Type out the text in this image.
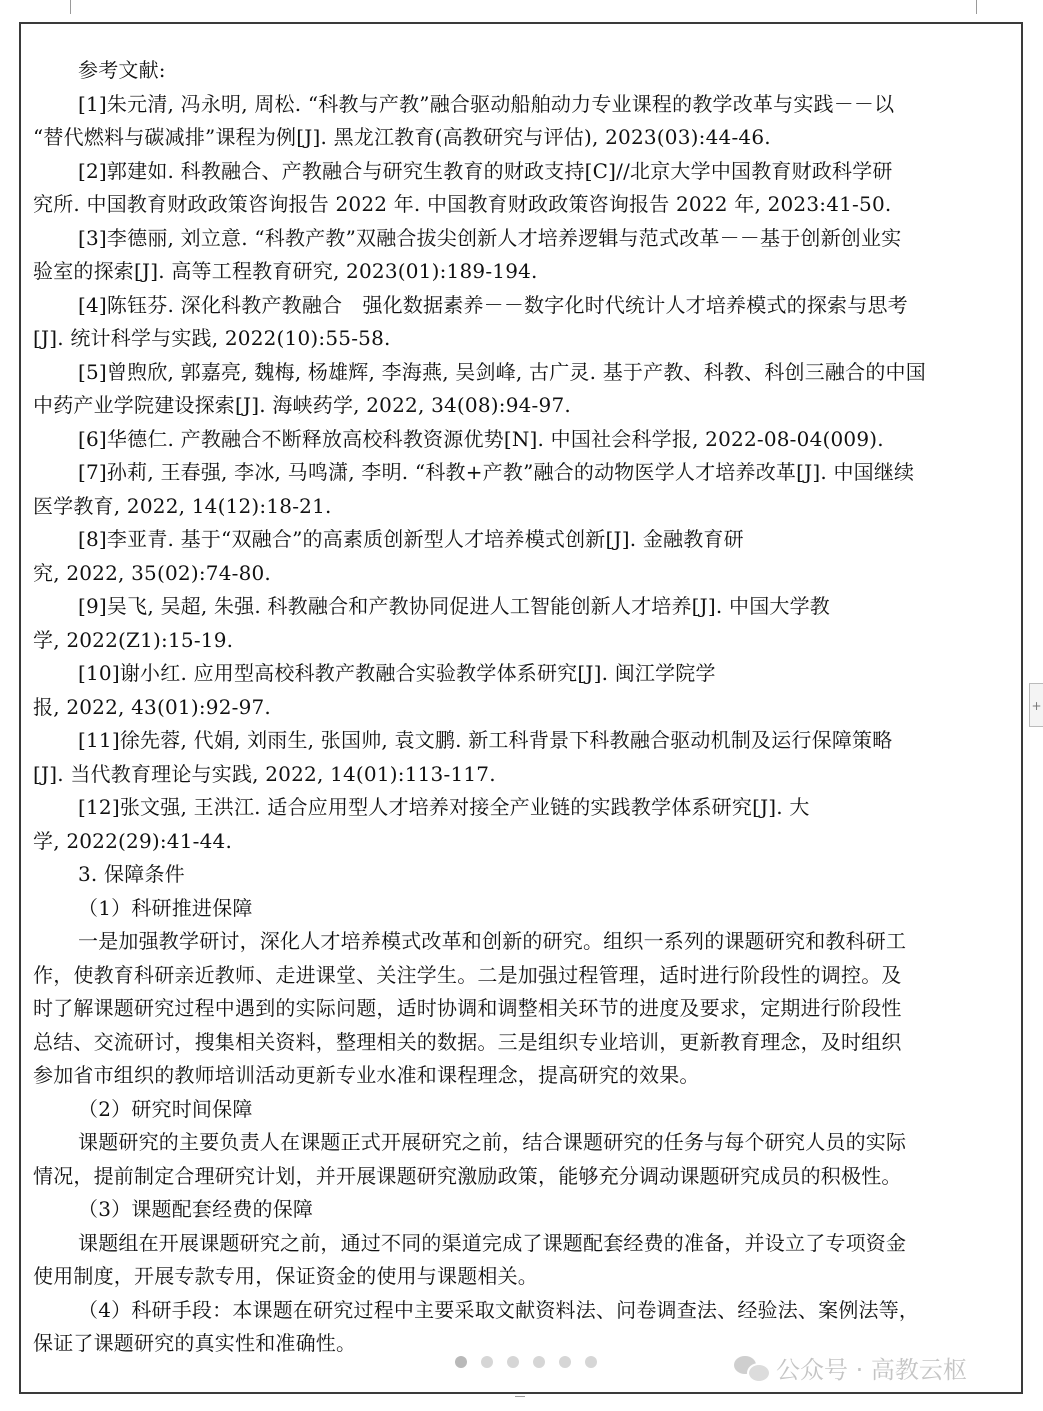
+
参考文献:
[1]朱元清, 冯永明, 周松. “科教与产教”融合驱动船舶动力专业课程的教学改革与实践－－以
“替代燃料与碳减排”课程为例[J]. 黑龙江教育(高教研究与评估), 2023(03):44-46.
[2]郭建如. 科教融合、产教融合与研究生教育的财政支持[C]//北京大学中国教育财政科学研
究所. 中国教育财政政策咨询报告 2022 年. 中国教育财政政策咨询报告 2022 年, 2023:41-50.
[3]李德丽, 刘立意. “科教产教”双融合拔尖创新人才培养逻辑与范式改革－－基于创新创业实
验室的探索[J]. 高等工程教育研究, 2023(01):189-194.
[4]陈钰芬. 深化科教产教融合　强化数据素养－－数字化时代统计人才培养模式的探索与思考
[J]. 统计科学与实践, 2022(10):55-58.
[5]曾煦欣, 郭嘉亮, 魏梅, 杨雄辉, 李海燕, 吴剑峰, 古广灵. 基于产教、科教、科创三融合的中国
中药产业学院建设探索[J]. 海峡药学, 2022, 34(08):94-97.
[6]华德仁. 产教融合不断释放高校科教资源优势[N]. 中国社会科学报, 2022-08-04(009).
[7]孙莉, 王春强, 李冰, 马鸣潇, 李明. “科教+产教”融合的动物医学人才培养改革[J]. 中国继续
医学教育, 2022, 14(12):18-21.
[8]李亚青. 基于“双融合”的高素质创新型人才培养模式创新[J]. 金融教育研
究, 2022, 35(02):74-80.
[9]吴飞, 吴超, 朱强. 科教融合和产教协同促进人工智能创新人才培养[J]. 中国大学教
学, 2022(Z1):15-19.
[10]谢小红. 应用型高校科教产教融合实验教学体系研究[J]. 闽江学院学
报, 2022, 43(01):92-97.
[11]徐先蓉, 代娟, 刘雨生, 张国帅, 袁文鹏. 新工科背景下科教融合驱动机制及运行保障策略
[J]. 当代教育理论与实践, 2022, 14(01):113-117.
[12]张文强, 王洪江. 适合应用型人才培养对接全产业链的实践教学体系研究[J]. 大
学, 2022(29):41-44.
3. 保障条件
（1）科研推进保障
一是加强教学研讨，深化人才培养模式改革和创新的研究。组织一系列的课题研究和教科研工
作，使教育科研亲近教师、走进课堂、关注学生。二是加强过程管理，适时进行阶段性的调控。及
时了解课题研究过程中遇到的实际问题，适时协调和调整相关环节的进度及要求，定期进行阶段性
总结、交流研讨，搜集相关资料，整理相关的数据。三是组织专业培训，更新教育理念，及时组织
参加省市组织的教师培训活动更新专业水准和课程理念，提高研究的效果。
（2）研究时间保障
课题研究的主要负责人在课题正式开展研究之前，结合课题研究的任务与每个研究人员的实际
情况，提前制定合理研究计划，并开展课题研究激励政策，能够充分调动课题研究成员的积极性。
（3）课题配套经费的保障
课题组在开展课题研究之前，通过不同的渠道完成了课题配套经费的准备，并设立了专项资金
使用制度，开展专款专用，保证资金的使用与课题相关。
（4）科研手段：本课题在研究过程中主要采取文献资料法、问卷调查法、经验法、案例法等，
保证了课题研究的真实性和准确性。
公众号 · 高教云枢
